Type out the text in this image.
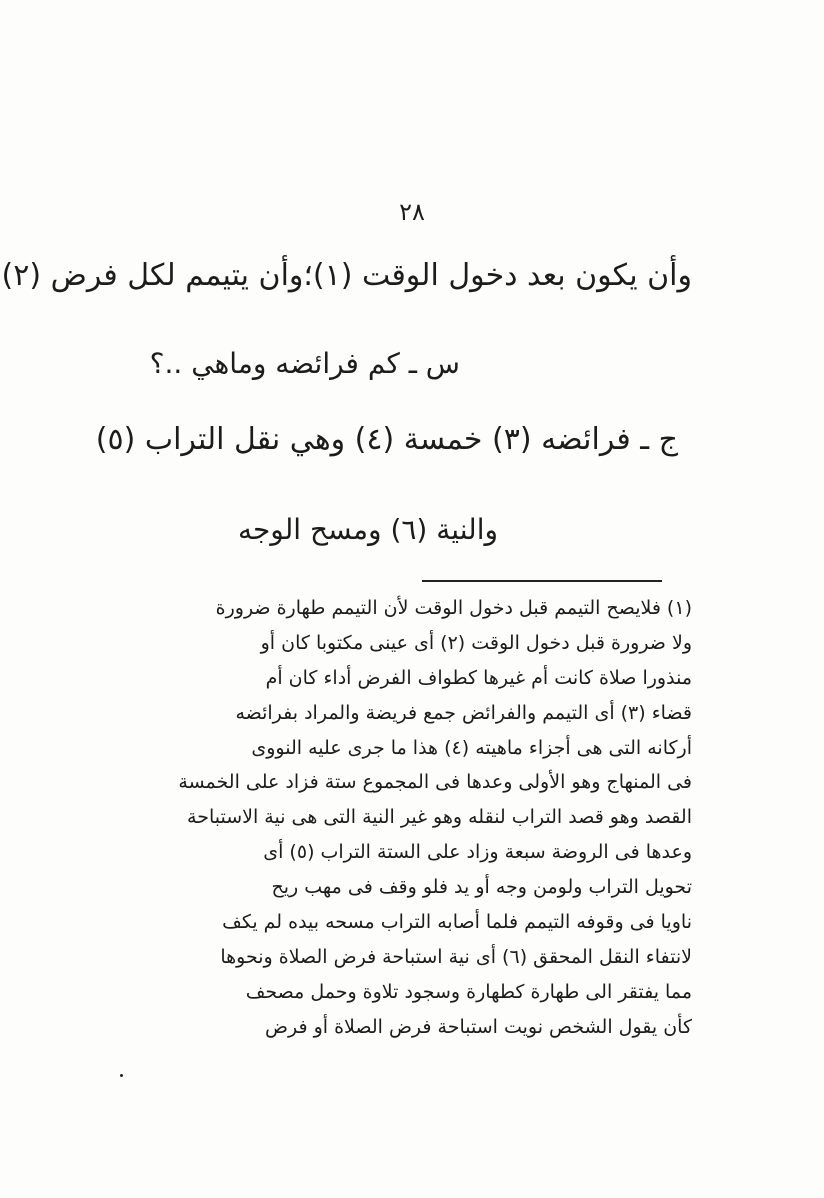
٢٨
وأن يكون بعد دخول الوقت (١)؛وأن يتيمم لكل فرض (٢)
س ـ كم فرائضه وماهي ..؟
ج ـ فرائضه (٣) خمسة (٤) وهي نقل التراب (٥)
والنية (٦) ومسح الوجه
(١) فلايصح التيمم قبل دخول الوقت لأن التيمم طهارة ضرورة
ولا ضرورة قبل دخول الوقت (٢) أى عينى مكتوبا كان أو
منذورا صلاة كانت أم غيرها كطواف الفرض أداء كان أم
قضاء (٣) أى التيمم والفرائض جمع فريضة والمراد بفرائضه
أركانه التى هى أجزاء ماهيته (٤) هذا ما جرى عليه النووى
فى المنهاج وهو الأولى وعدها فى المجموع ستة فزاد على الخمسة
القصد وهو قصد التراب لنقله وهو غير النية التى هى نية الاستباحة
وعدها فى الروضة سبعة وزاد على الستة التراب (٥) أى
تحويل التراب ولومن وجه أو يد فلو وقف فى مهب ريح
ناويا فى وقوفه التيمم فلما أصابه التراب مسحه بيده لم يكف
لانتفاء النقل المحقق (٦) أى نية استباحة فرض الصلاة ونحوها
مما يفتقر الى طهارة كطهارة وسجود تلاوة وحمل مصحف
كأن يقول الشخص نويت استباحة فرض الصلاة أو فرض
